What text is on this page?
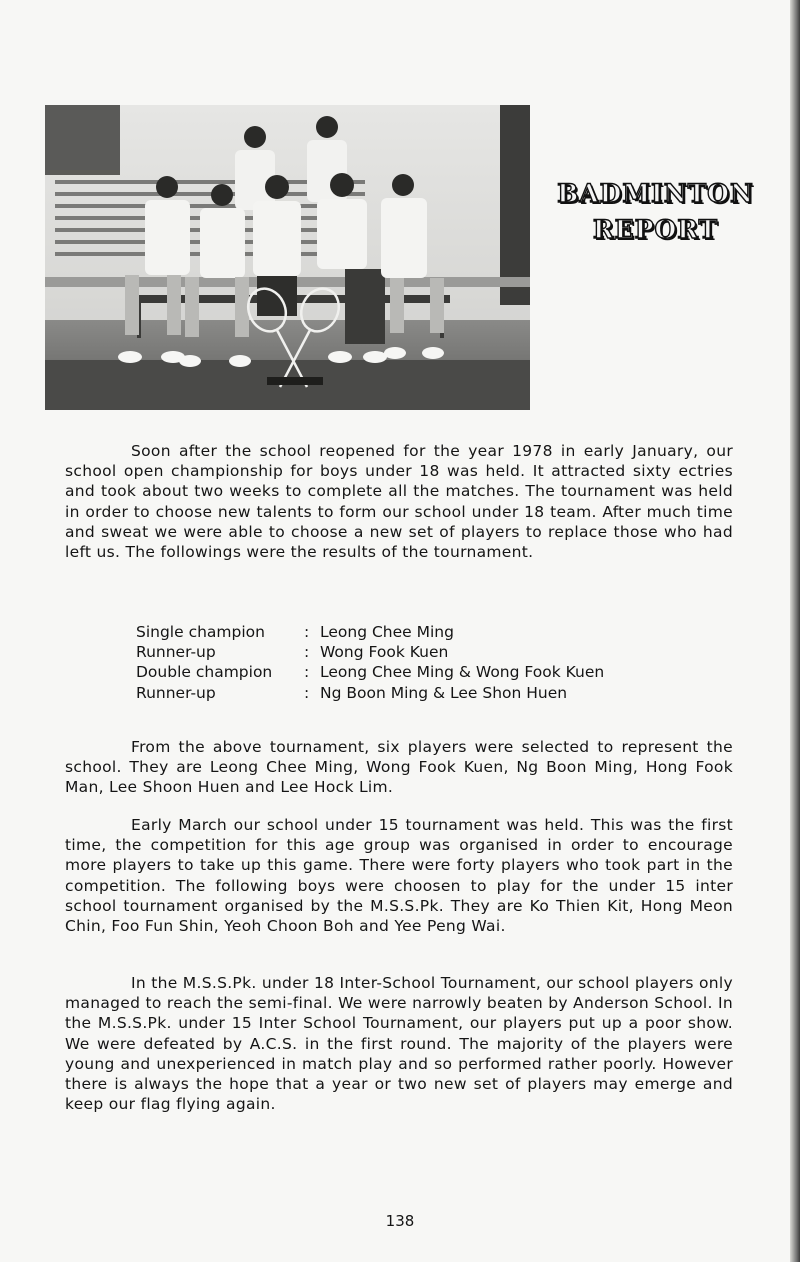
BADMINTON
REPORT

Soon after the school reopened for the year 1978 in early January, our school open championship for boys under 18 was held. It attracted sixty ectries and took about two weeks to complete all the matches. The tournament was held in order to choose new talents to form our school under 18 team. After much time and sweat we were able to choose a new set of players to replace those who had left us. The followings were the results of the tournament.

Single champion	: Leong Chee Ming
Runner-up	: Wong Fook Kuen
Double champion	: Leong Chee Ming & Wong Fook Kuen
Runner-up	: Ng Boon Ming & Lee Shon Huen

From the above tournament, six players were selected to represent the school. They are Leong Chee Ming, Wong Fook Kuen, Ng Boon Ming, Hong Fook Man, Lee Shoon Huen and Lee Hock Lim.

Early March our school under 15 tournament was held. This was the first time, the competition for this age group was organised in order to encourage more players to take up this game. There were forty players who took part in the competition. The following boys were choosen to play for the under 15 inter school tournament organised by the M.S.S.Pk. They are Ko Thien Kit, Hong Meon Chin, Foo Fun Shin, Yeoh Choon Boh and Yee Peng Wai.

In the M.S.S.Pk. under 18 Inter-School Tournament, our school players only managed to reach the semi-final. We were narrowly beaten by Anderson School. In the M.S.S.Pk. under 15 Inter School Tournament, our players put up a poor show. We were defeated by A.C.S. in the first round. The majority of the players were young and unexperienced in match play and so performed rather poorly. However there is always the hope that a year or two new set of players may emerge and keep our flag flying again.

138
